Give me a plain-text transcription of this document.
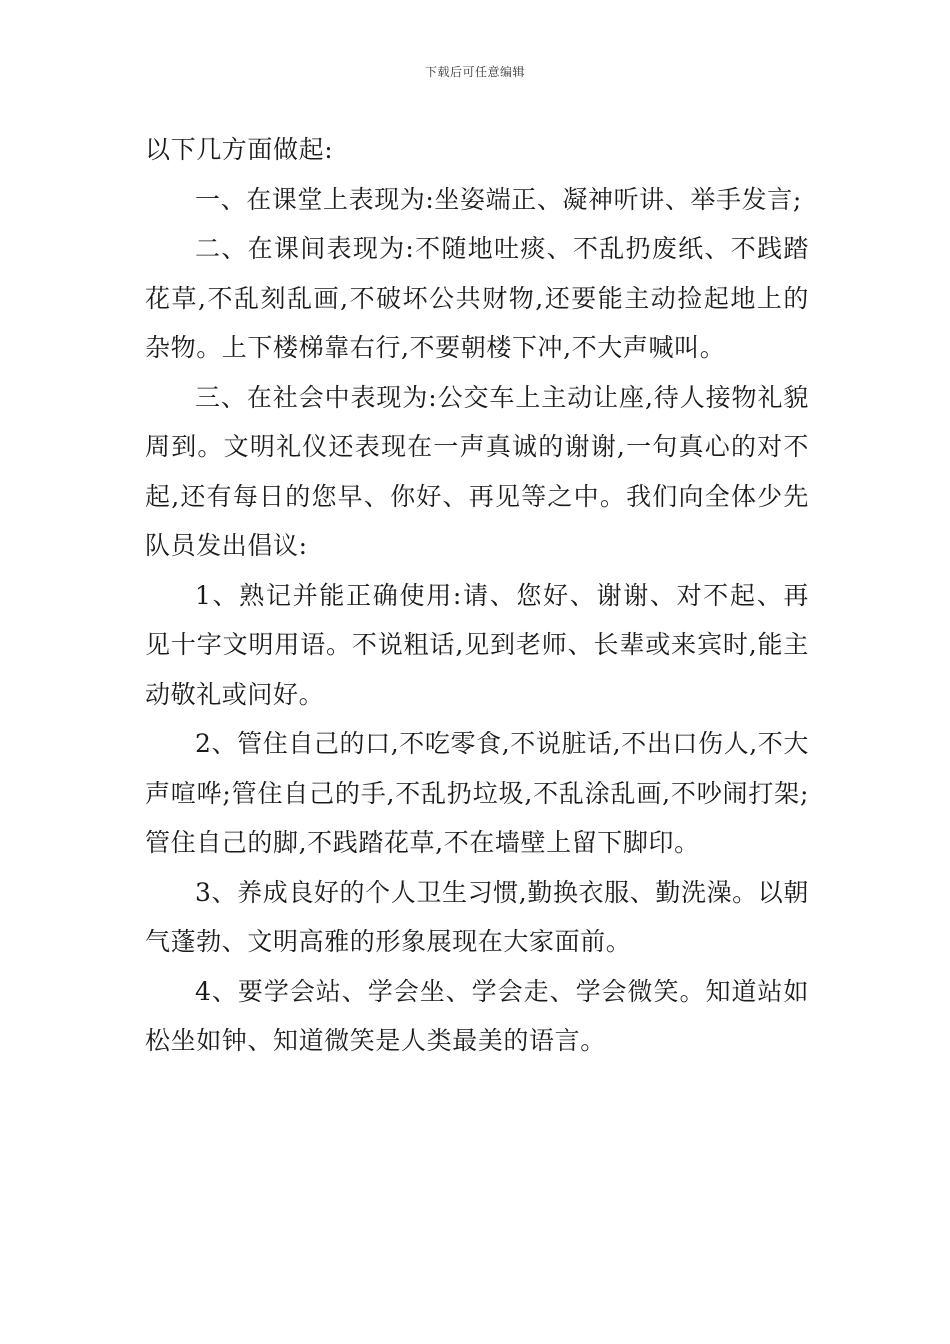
下载后可任意编辑

以下几方面做起:

一、在课堂上表现为:坐姿端正、凝神听讲、举手发言;

二、在课间表现为:不随地吐痰、不乱扔废纸、不践踏花草,不乱刻乱画,不破坏公共财物,还要能主动捡起地上的杂物。上下楼梯靠右行,不要朝楼下冲,不大声喊叫。

三、在社会中表现为:公交车上主动让座,待人接物礼貌周到。文明礼仪还表现在一声真诚的谢谢,一句真心的对不起,还有每日的您早、你好、再见等之中。我们向全体少先队员发出倡议:

1、熟记并能正确使用:请、您好、谢谢、对不起、再见十字文明用语。不说粗话,见到老师、长辈或来宾时,能主动敬礼或问好。

2、管住自己的口,不吃零食,不说脏话,不出口伤人,不大声喧哗;管住自己的手,不乱扔垃圾,不乱涂乱画,不吵闹打架;管住自己的脚,不践踏花草,不在墙壁上留下脚印。

3、养成良好的个人卫生习惯,勤换衣服、勤洗澡。以朝气蓬勃、文明高雅的形象展现在大家面前。

4、要学会站、学会坐、学会走、学会微笑。知道站如松坐如钟、知道微笑是人类最美的语言。
